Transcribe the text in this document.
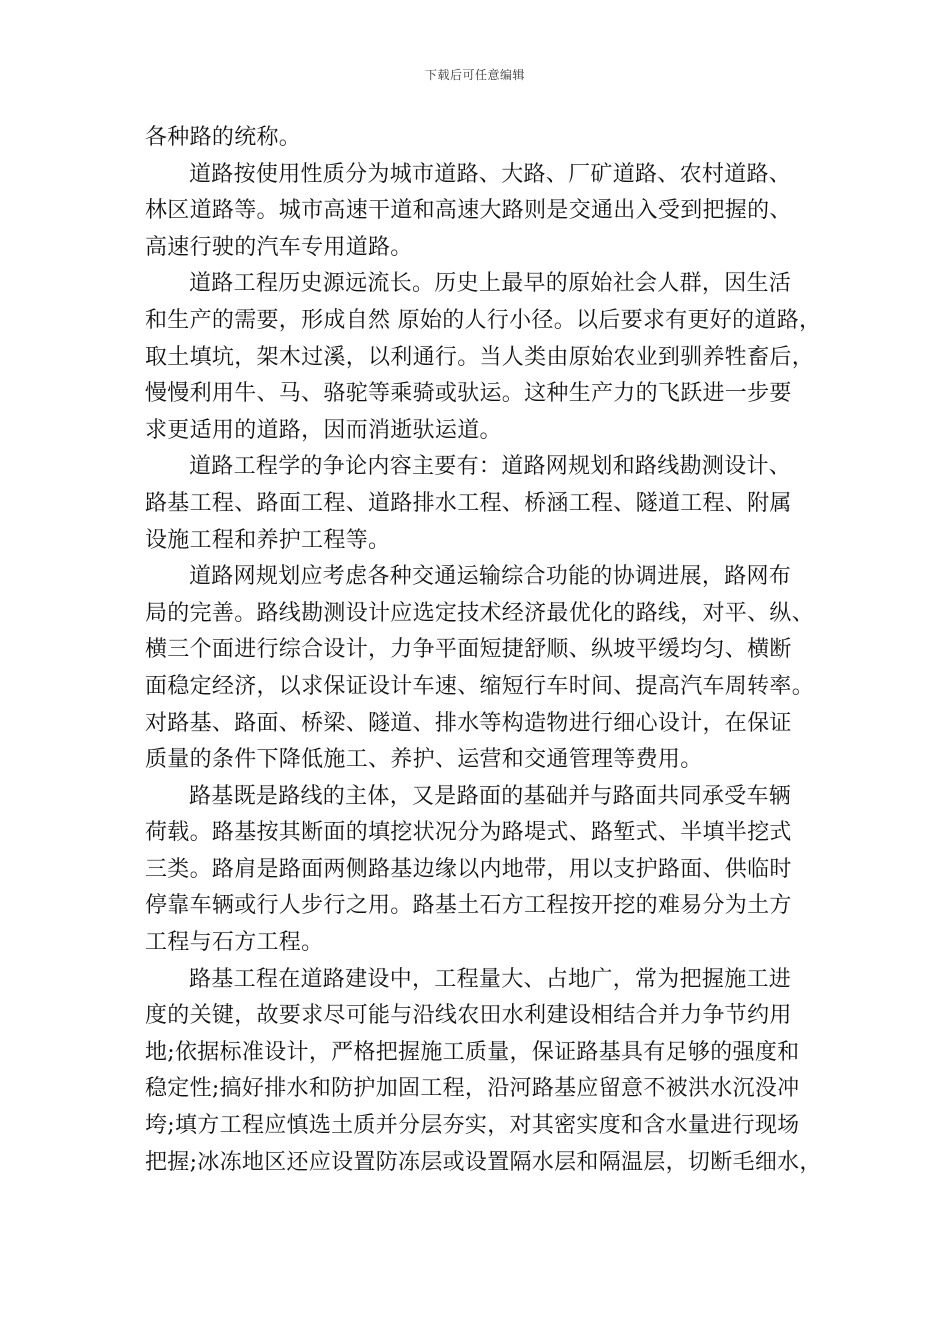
下载后可任意编辑
各种路的统称。
道路按使用性质分为城市道路、大路、厂矿道路、农村道路、
林区道路等。城市高速干道和高速大路则是交通出入受到把握的、
高速行驶的汽车专用道路。
道路工程历史源远流长。历史上最早的原始社会人群，因生活
和生产的需要，形成自然 原始的人行小径。以后要求有更好的道路，
取土填坑，架木过溪，以利通行。当人类由原始农业到驯养牲畜后，
慢慢利用牛、马、骆驼等乘骑或驮运。这种生产力的飞跃进一步要
求更适用的道路，因而消逝驮运道。
道路工程学的争论内容主要有：道路网规划和路线勘测设计、
路基工程、路面工程、道路排水工程、桥涵工程、隧道工程、附属
设施工程和养护工程等。
道路网规划应考虑各种交通运输综合功能的协调进展，路网布
局的完善。路线勘测设计应选定技术经济最优化的路线，对平、纵、
横三个面进行综合设计，力争平面短捷舒顺、纵坡平缓均匀、横断
面稳定经济，以求保证设计车速、缩短行车时间、提高汽车周转率。
对路基、路面、桥梁、隧道、排水等构造物进行细心设计，在保证
质量的条件下降低施工、养护、运营和交通管理等费用。
路基既是路线的主体，又是路面的基础并与路面共同承受车辆
荷载。路基按其断面的填挖状况分为路堤式、路堑式、半填半挖式
三类。路肩是路面两侧路基边缘以内地带，用以支护路面、供临时
停靠车辆或行人步行之用。路基土石方工程按开挖的难易分为土方
工程与石方工程。
路基工程在道路建设中，工程量大、占地广，常为把握施工进
度的关键，故要求尽可能与沿线农田水利建设相结合并力争节约用
地;依据标准设计，严格把握施工质量，保证路基具有足够的强度和
稳定性;搞好排水和防护加固工程，沿河路基应留意不被洪水沉没冲
垮;填方工程应慎选土质并分层夯实，对其密实度和含水量进行现场
把握;冰冻地区还应设置防冻层或设置隔水层和隔温层，切断毛细水，
